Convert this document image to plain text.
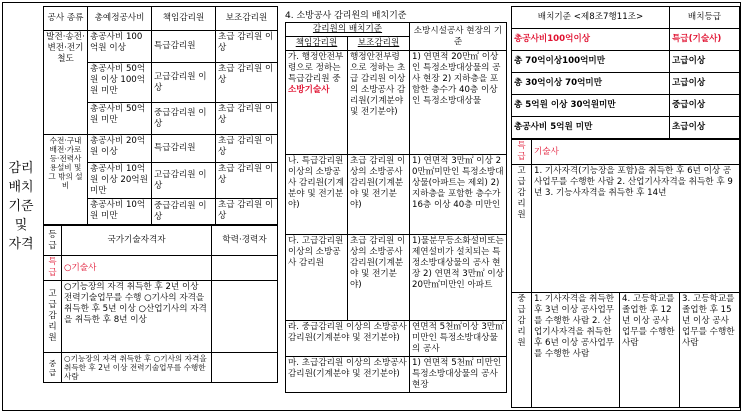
감리
배치
기준
및
자격
공사 종류	총예정공사비	책임감리원	보조감리원
발전·송전·변전·전기철도	총공사비 100억원 이상	특급감리원	초급 감리원 이상
	총공사비 50억원 이상 100억원 미만	고급감리원 이상	초급 감리원 이상
	총공사비 50억원 미만	중급감리원 이상	초급 감리원 이상
수전·구내배전·가로등·전력사용설비 및 그 밖의 설비	총공사비 20억원 이상	특급감리원	초급 감리원 이상
	총공사비 10억원 이상 20억원 미만	고급감리원 이상	초급 감리원 이상
	총공사비 10억원 미만	중급감리원 이상	초급 감리원 이상
등급	국가기술자격자	학력·경력자
특급	○기술사	
고급감리원	○기능장의 자격 취득한 후 2년 이상 전력기술업무를 수행 ○기사의 자격을 취득한 후 5년 이상 ○산업기사의 자격을 취득한 후 8년 이상	
중급	○기능장의 자격 취득한 후 ○기사의 자격을 취득한 후 2년 이상 전력기술업무를 수행한 사람	
4. 소방공사 감리원의 배치기준
감리원의 배치기준		소방시설공사 현장의 기준
책임감리원	보조감리원	
가. 행정안전부령으로 정하는 특급감리원 중 소방기술사	행정안전부령으로 정하는 초급 감리원 이상의 소방공사 감리원(기계분야 및 전기분야)	1) 연면적 20만㎡ 이상인 특정소방대상물의 공사 현장 2) 지하층을 포함한 층수가 40층 이상인 특정소방대상물
나. 특급감리원 이상의 소방공사 감리원(기계분야 및 전기분야)	초급 감리원 이상의 소방공사 감리원(기계분야 및 전기분야)	1) 연면적 3만㎡ 이상 20만㎡미만인 특정소방대상물(아파트는 제외) 2) 지하층을 포함한 층수가 16층 이상 40층 미만인
다. 고급감리원 이상의 소방공사 감리원	초급 감리원 이상의 소방공사 감리원(기계분야 및 전기분야)	1)물분무등소화설비또는 제연설비가 설치되는 특정소방대상물의 공사 현장 2) 연면적 3만㎡ 이상 20만㎡미만인 아파트
라. 중급감리원 이상의 소방공사 감리원(기계분야 및 전기분야)		연면적 5천㎡이상 3만㎡미만인 특정소방대상물의 공사
마. 초급감리원 이상의 소방공사 감리원(기계분야 및 전기분야)		1) 연면적 5천㎡ 미만인 특정소방대상물의 공사 현장
배치기준 <제8조7행11조>	배치등급
총공사비100억이상	특급(기술사)
총 70억이상100억미만	고급이상
총 30억이상 70억미만	고급이상
총 5억원 이상 30억원미만	중급이상
총공사비 5억원 미만	초급이상
특급	기술사		
고급감리원	1. 기사자격(기능장을 포함)을 취득한 후 6년 이상 공사업무를 수행한 사람 2. 산업기사자격을 취득한 후 9년 3. 기능사자격을 취득한 후 14년		
중급감리원	1. 기사자격을 취득한 후 3년 이상 공사업무를 수행한 사람 2. 산업기사자격을 취득한 후 6년 이상 공사업무를 수행한 사람	4. 고등학교를 졸업한 후 12년 이상 공사업무를 수행한 사람	3. 고등학교를 졸업한 후 15년 이상 공사업무를 수행한 사람
